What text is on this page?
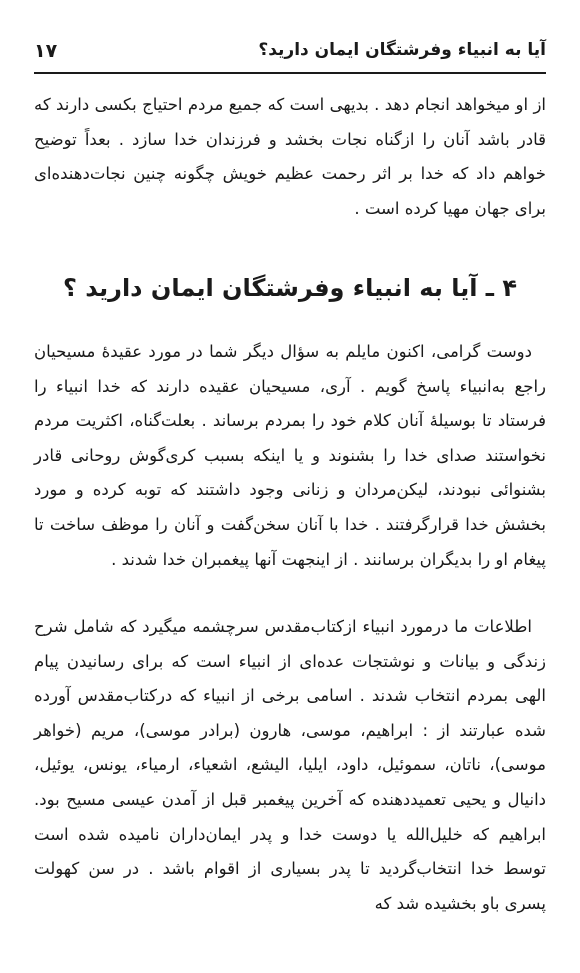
آیا به انبیاء وفرشتگان ایمان دارید؟
۱۷

از او میخواهد انجام دهد . بدیهی است که جمیع مردم احتیاج بکسی دارند که قادر باشد آنان را ازگناه نجات بخشد و فرزندان خدا سازد . بعداً توضیح خواهم داد که خدا بر اثر رحمت عظیم خویش چگونه چنین نجات‌دهنده‌ای برای جهان مهیا کرده است .

۴ ـ آیا به انبیاء وفرشتگان ایمان دارید ؟

دوست گرامی، اکنون مایلم به سؤال دیگر شما در مورد عقیدهٔ مسیحیان راجع به‌انبیاء پاسخ گویم . آری، مسیحیان عقیده دارند که خدا انبیاء را فرستاد تا بوسیلهٔ آنان کلام خود را بمردم برساند . بعلت‌گناه، اکثریت مردم نخواستند صدای خدا را بشنوند و یا اینکه بسبب کری‌گوش روحانی قادر بشنوائی نبودند، لیکن‌مردان و زنانی وجود داشتند که توبه کرده و مورد بخشش خدا قرارگرفتند . خدا با آنان سخن‌گفت و آنان را موظف ساخت تا پیغام او را بدیگران برسانند . از اینجهت آنها پیغمبران خدا شدند .

اطلاعات ما درمورد انبیاء ازکتاب‌مقدس سرچشمه میگیرد که شامل شرح زندگی و بیانات و نوشتجات عده‌ای از انبیاء است که برای رسانیدن پیام الهی بمردم انتخاب شدند . اسامی برخی از انبیاء که درکتاب‌مقدس آورده شده عبارتند از : ابراهیم، موسی، هارون (برادر موسی)، مریم (خواهر موسی)، ناتان، سموئیل، داود، ایلیا، الیشع، اشعیاء، ارمیاء، یونس، یوئیل، دانیال و یحیی تعمیددهنده که آخرین پیغمبر قبل از آمدن عیسی مسیح بود. ابراهیم که خلیل‌الله یا دوست خدا و پدر ایمان‌داران نامیده شده است توسط خدا انتخاب‌گردید تا پدر بسیاری از اقوام باشد . در سن کهولت پسری باو بخشیده شد که
